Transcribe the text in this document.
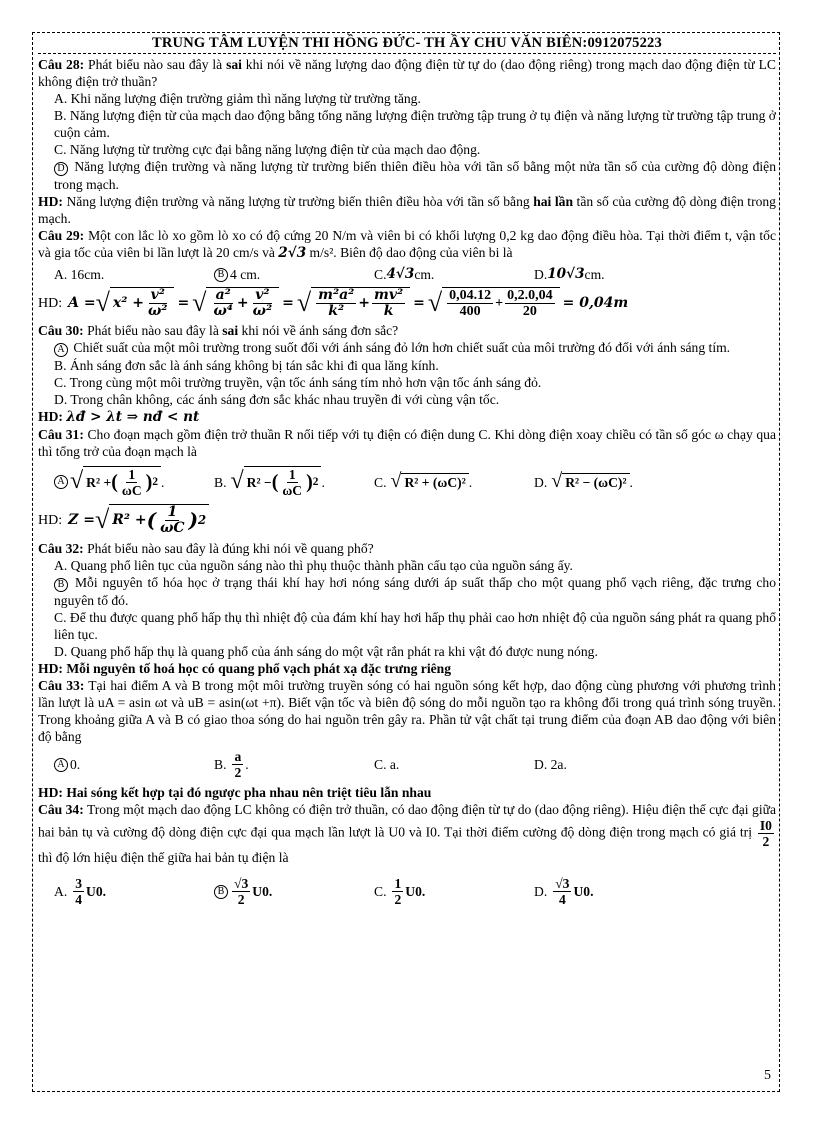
TRUNG TÂM LUYỆN THI HỒNG ĐỨC- TH ẦY CHU VĂN BIÊN:0912075223

Câu 28: Phát biểu nào sau đây là sai khi nói về năng lượng dao động điện từ tự do (dao động riêng) trong mạch dao động điện từ LC không điện trở thuần?

A. Khi năng lượng điện trường giảm thì năng lượng từ trường tăng.

B. Năng lượng điện từ của mạch dao động bằng tổng năng lượng điện trường tập trung ở tụ điện và năng lượng từ trường tập trung ở cuộn cảm.

C. Năng lượng từ trường cực đại bằng năng lượng điện từ của mạch dao động.

D Năng lượng điện trường và năng lượng từ trường biến thiên điều hòa với tần số bằng một nửa tần số của cường độ dòng điện trong mạch.

HD: Năng lượng điện trường và năng lượng từ trường biến thiên điều hòa với tần số bằng hai lần tần số của cường độ dòng điện trong mạch.

Câu 29: Một con lắc lò xo gồm lò xo có độ cứng 20 N/m và viên bi có khối lượng 0,2 kg dao động điều hòa. Tại thời điểm t, vận tốc và gia tốc của viên bi lần lượt là 20 cm/s và 2√3 m/s². Biên độ dao động của viên bi là

A. 16cm.	B 4 cm.	C. 4√3 cm.	D. 10√3 cm.
HD: A = √ $x^2 + \frac{\text{v²}}{\text{ω²}}$ = √ $\frac{\text{a²}}{\text{ω⁴}} + \frac{\text{v²}}{\text{ω²}}$ = √ $\frac{\text{m²a²}}{\text{k²}} + \frac{\text{mv²}}{k}$ = √ $\frac{0,04.12}{400} + \frac{0,2.0,04}{20} = 0,04m$

Câu 30: Phát biểu nào sau đây là sai khi nói về ánh sáng đơn sắc?

A Chiết suất của một môi trường trong suốt đối với ánh sáng đỏ lớn hơn chiết suất của môi trường đó đối với ánh sáng tím.

B. Ánh sáng đơn sắc là ánh sáng không bị tán sắc khi đi qua lăng kính.

C. Trong cùng một môi trường truyền, vận tốc ánh sáng tím nhỏ hơn vận tốc ánh sáng đỏ.

D. Trong chân không, các ánh sáng đơn sắc khác nhau truyền đi với cùng vận tốc.

HD: λđ > λt ⇒ nđ < nt

Câu 31: Cho đoạn mạch gồm điện trở thuần R nối tiếp với tụ điện có điện dung C. Khi dòng điện xoay chiều có tần số góc ω chạy qua thì tổng trở của đoạn mạch là

A √ R² + ( $\frac{1}{\omega C}$ ) 2 .	B. √ R² − ( $\frac{1}{\omega C}$ ) 2 .	C. √ R² + (ωC)² .	D. √ R² − (ωC)² .
HD: Z = √ R² + ( $\frac{1}{\omega C}$ ) 2

Câu 32: Phát biểu nào sau đây là đúng khi nói về quang phổ?

A. Quang phổ liên tục của nguồn sáng nào thì phụ thuộc thành phần cấu tạo của nguồn sáng ấy.

B Mỗi nguyên tố hóa học ở trạng thái khí hay hơi nóng sáng dưới áp suất thấp cho một quang phổ vạch riêng, đặc trưng cho nguyên tố đó.

C. Để thu được quang phổ hấp thụ thì nhiệt độ của đám khí hay hơi hấp thụ phải cao hơn nhiệt độ của nguồn sáng phát ra quang phổ liên tục.

D. Quang phổ hấp thụ là quang phổ của ánh sáng do một vật rắn phát ra khi vật đó được nung nóng.

HD: Mỗi nguyên tố hoá học có quang phổ vạch phát xạ đặc trưng riêng

Câu 33: Tại hai điểm A và B trong một môi trường truyền sóng có hai nguồn sóng kết hợp, dao động cùng phương với phương trình lần lượt là uA = asin ωt và uB = asin(ωt +π). Biết vận tốc và biên độ sóng do mỗi nguồn tạo ra không đổi trong quá trình sóng truyền. Trong khoảng giữa A và B có giao thoa sóng do hai nguồn trên gây ra. Phần tử vật chất tại trung điểm của đoạn AB dao động với biên độ bằng

A 0.	B. $\frac{a}{2}$ .	C. a.	D. 2a.

HD: Hai sóng kết hợp tại đó ngược pha nhau nên triệt tiêu lẫn nhau

Câu 34: Trong một mạch dao động LC không có điện trở thuần, có dao động điện từ tự do (dao động riêng). Hiệu điện thế cực đại giữa hai bản tụ và cường độ dòng điện cực đại qua mạch lần lượt là U0 và I0. Tại thời điểm cường độ dòng điện trong mạch có giá trị $\frac{I0}{2}$
thì độ lớn hiệu điện thế giữa hai bản tụ điện là

A. $\frac{3}{4} U0$.	B $\frac{√3}{2} U0$.	C. $\frac{1}{2} U0$.	D. $\frac{√3}{4} U0$.
5
